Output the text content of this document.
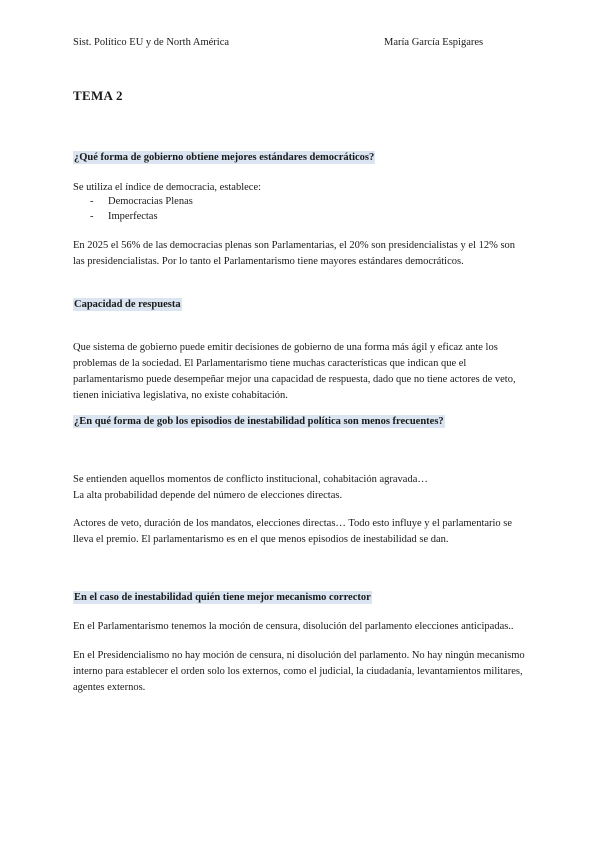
Sist. Político EU y de North América	María García Espigares
TEMA 2
¿Qué forma de gobierno obtiene mejores estándares democráticos?
Se utiliza el índice de democracia, establece:
- Democracias Plenas
- Imperfectas
En 2025 el 56% de las democracias plenas son Parlamentarias, el 20% son presidencialistas y el 12% son las presidencialistas. Por lo tanto el Parlamentarismo tiene mayores estándares democráticos.
Capacidad de respuesta
Que sistema de gobierno puede emitir decisiones de gobierno de una forma más ágil y eficaz ante los problemas de la sociedad. El Parlamentarismo tiene muchas características que indican que el parlamentarismo puede desempeñar mejor una capacidad de respuesta, dado que no tiene actores de veto, tienen iniciativa legislativa, no existe cohabitación.
¿En qué forma de gob los episodios de inestabilidad política son menos frecuentes?
Se entienden aquellos momentos de conflicto institucional, cohabitación agravada…
La alta probabilidad depende del número de elecciones directas.
Actores de veto, duración de los mandatos, elecciones directas… Todo esto influye y el parlamentario se lleva el premio. El parlamentarismo es en el que menos episodios de inestabilidad se dan.
En el caso de inestabilidad quién tiene mejor mecanismo corrector
En el Parlamentarismo tenemos la moción de censura, disolución del parlamento elecciones anticipadas..
En el Presidencialismo no hay moción de censura, ni disolución del parlamento. No hay ningún mecanismo interno para establecer el orden solo los externos, como el judicial, la ciudadanía, levantamientos militares, agentes externos.
